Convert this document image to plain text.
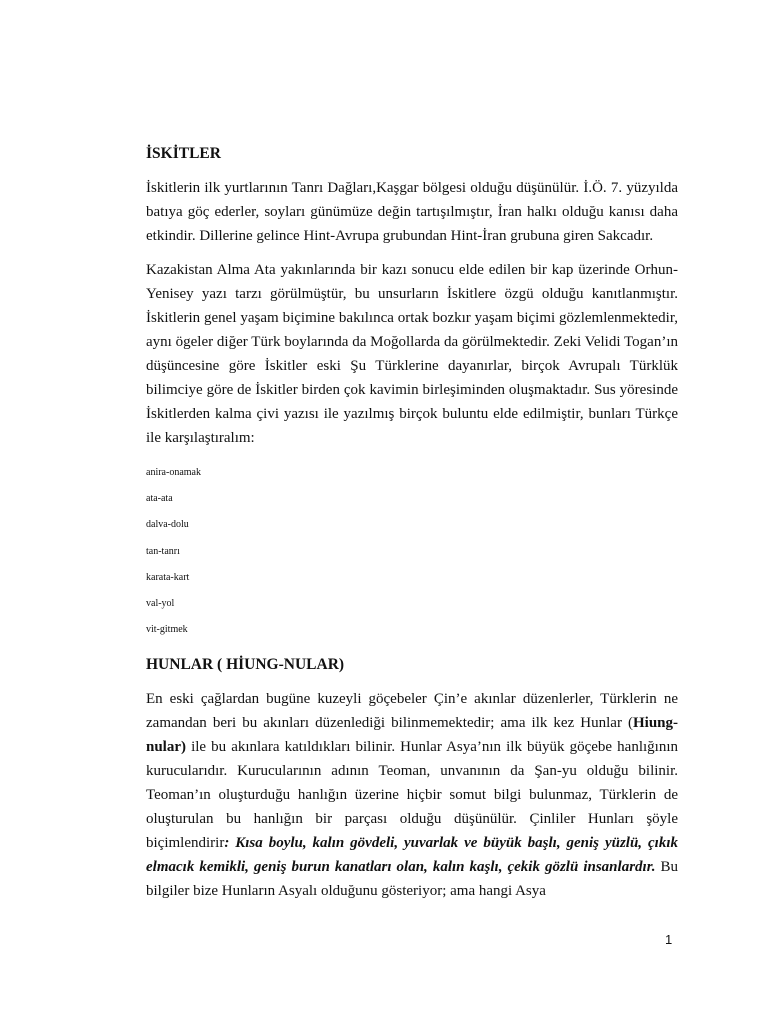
İSKİTLER

İskitlerin ilk yurtlarının Tanrı Dağları,Kaşgar bölgesi olduğu düşünülür. İ.Ö. 7. yüzyılda batıya göç ederler, soyları günümüze değin tartışılmıştır, İran halkı olduğu kanısı daha etkindir. Dillerine gelince Hint-Avrupa grubundan Hint-İran grubuna giren Sakcadır.

Kazakistan Alma Ata yakınlarında bir kazı sonucu elde edilen bir kap üzerinde Orhun-Yenisey yazı tarzı görülmüştür, bu unsurların İskitlere özgü olduğu kanıtlanmıştır. İskitlerin genel yaşam biçimine bakılınca ortak bozkır yaşam biçimi gözlemlenmektedir, aynı ögeler diğer Türk boylarında da Moğollarda da görülmektedir. Zeki Velidi Togan’ın düşüncesine göre İskitler eski Şu Türklerine dayanırlar, birçok Avrupalı Türklük bilimciye göre de İskitler birden çok kavimin birleşiminden oluşmaktadır. Sus yöresinde İskitlerden kalma çivi yazısı ile yazılmış birçok buluntu elde edilmiştir, bunları Türkçe ile karşılaştıralım:

anira-onamak
ata-ata
dalva-dolu
tan-tanrı
karata-kart
val-yol
vit-gitmek
HUNLAR ( HİUNG-NULAR)

En eski çağlardan bugüne kuzeyli göçebeler Çin’e akınlar düzenlerler, Türklerin ne zamandan beri bu akınları düzenlediği bilinmemektedir; ama ilk kez Hunlar (Hiung-nular) ile bu akınlara katıldıkları bilinir. Hunlar Asya’nın ilk büyük göçebe hanlığının kurucularıdır. Kurucularının adının Teoman, unvanının da Şan-yu olduğu bilinir. Teoman’ın oluşturduğu hanlığın üzerine hiçbir somut bilgi bulunmaz, Türklerin de oluşturulan bu hanlığın bir parçası olduğu düşünülür. Çinliler Hunları şöyle biçimlendirir: Kısa boylu, kalın gövdeli, yuvarlak ve büyük başlı, geniş yüzlü, çıkık elmacık kemikli, geniş burun kanatları olan, kalın kaşlı, çekik gözlü insanlardır. Bu bilgiler bize Hunların Asyalı olduğunu gösteriyor; ama hangi Asya

1
